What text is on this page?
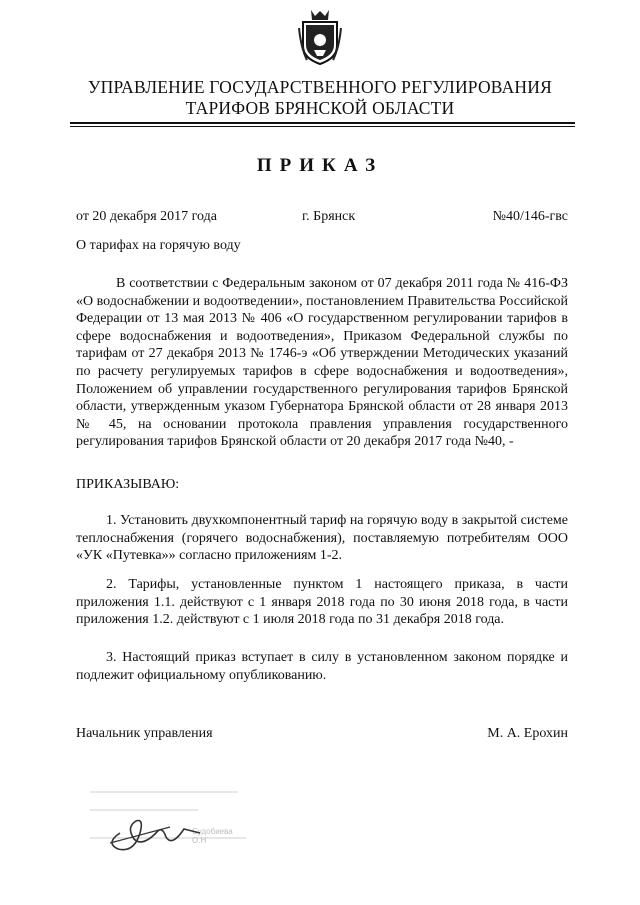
УПРАВЛЕНИЕ ГОСУДАРСТВЕННОГО РЕГУЛИРОВАНИЯ
ТАРИФОВ БРЯНСКОЙ ОБЛАСТИ
ПРИКАЗ
от 20 декабря 2017 года	г. Брянск	№40/146-гвс
О тарифах на горячую воду
В соответствии с Федеральным законом от 07 декабря 2011 года № 416-ФЗ «О водоснабжении и водоотведении», постановлением Правительства Российской Федерации от 13 мая 2013 № 406 «О государственном регулировании тарифов в сфере водоснабжения и водоотведения», Приказом Федеральной службы по тарифам от 27 декабря 2013 № 1746-э «Об утверждении Методических указаний по расчету регулируемых тарифов в сфере водоснабжения и водоотведения», Положением об управлении государственного регулирования тарифов Брянской области, утвержденным указом Губернатора Брянской области от 28 января 2013 № 45, на основании протокола правления управления государственного регулирования тарифов Брянской области от 20 декабря 2017 года №40, -
ПРИКАЗЫВАЮ:
1. Установить двухкомпонентный тариф на горячую воду в закрытой системе теплоснабжения (горячего водоснабжения), поставляемую потребителям ООО «УК «Путевка»» согласно приложениям 1-2.
2. Тарифы, установленные пунктом 1 настоящего приказа, в части приложения 1.1. действуют с 1 января 2018 года по 30 июня 2018 года, в части приложения 1.2. действуют с 1 июля 2018 года по 31 декабря 2018 года.
3. Настоящий приказ вступает в силу в установленном законом порядке и подлежит официальному опубликованию.
Начальник управления	М. А. Ерохин
Судобиева О.Н
